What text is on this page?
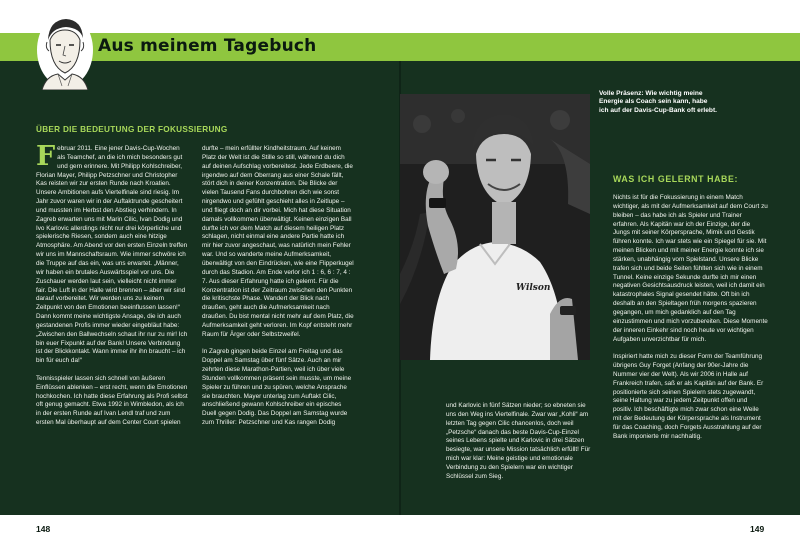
Aus meinem Tagebuch
ÜBER DIE BEDEUTUNG DER FOKUSSIERUNG

Februar 2011. Eine jener Davis-Cup-Wochen als Teamchef, an die ich mich besonders gut und gern erinnere. Mit Philipp Kohlschreiber, Florian Mayer, Philipp Petzschner und Christopher Kas reisten wir zur ersten Runde nach Kroatien. Unsere Ambitionen aufs Viertelfinale sind riesig. Im Jahr zuvor waren wir in der Auftaktrunde gescheitert und mussten im Herbst den Abstieg verhindern. In Zagreb erwarten uns mit Marin Cilic, Ivan Dodig und Ivo Karlovic allerdings nicht nur drei körperliche und spielerische Riesen, sondern auch eine hitzige Atmosphäre. Am Abend vor den ersten Einzeln treffen wir uns im Mannschaftsraum. Wie immer schwöre ich die Truppe auf das ein, was uns erwartet. „Männer, wir haben ein brutales Auswärtsspiel vor uns. Die Zuschauer werden laut sein, vielleicht nicht immer fair. Die Luft in der Halle wird brennen – aber wir sind darauf vorbereitet. Wir werden uns zu keinem Zeitpunkt von den Emotionen beeinflussen lassen!“ Dann kommt meine wichtigste Ansage, die ich auch gestandenen Profis immer wieder eingebläut habe: „Zwischen den Ballwechseln schaut ihr nur zu mir! Ich bin euer Fixpunkt auf der Bank! Unsere Verbindung ist der Blickkontakt. Wann immer ihr ihn braucht – ich bin für euch da!“

Tennisspieler lassen sich schnell von äußeren Einflüssen ablenken – erst recht, wenn die Emotionen hochkochen. Ich hatte diese Erfahrung als Profi selbst oft genug gemacht. Etwa 1992 in Wimbledon, als ich in der ersten Runde auf Ivan Lendl traf und zum ersten Mal überhaupt auf dem Center Court spielen

durfte – mein erfüllter Kindheitstraum. Auf keinem Platz der Welt ist die Stille so still, während du dich auf deinen Aufschlag vorbereitest. Jede Erdbeere, die irgendwo auf dem Oberrang aus einer Schale fällt, stört dich in deiner Konzentration. Die Blicke der vielen Tausend Fans durchbohren dich wie sonst nirgendwo und gefühlt geschieht alles in Zeitlupe – und fliegt doch an dir vorbei. Mich hat diese Situation damals vollkommen überwältigt. Keinen einzigen Ball durfte ich vor dem Match auf diesem heiligen Platz schlagen, nicht einmal eine andere Partie hatte ich mir hier zuvor angeschaut, was natürlich mein Fehler war. Und so wanderte meine Aufmerksamkeit, überwältigt von den Eindrücken, wie eine Flipperkugel durch das Stadion. Am Ende verlor ich 1 : 6, 6 : 7, 4 : 7. Aus dieser Erfahrung hatte ich gelernt. Für die Konzentration ist der Zeitraum zwischen den Punkten die kritischste Phase. Wandert der Blick nach draußen, geht auch die Aufmerksamkeit nach draußen. Du bist mental nicht mehr auf dem Platz, die Aufmerksamkeit geht verloren. Im Kopf entsteht mehr Raum für Ärger oder Selbstzweifel.

In Zagreb gingen beide Einzel am Freitag und das Doppel am Samstag über fünf Sätze. Auch an mir zehrten diese Marathon-Partien, weil ich über viele Stunden vollkommen präsent sein musste, um meine Spieler zu führen und zu spüren, welche Ansprache sie brauchten. Mayer unterlag zum Auftakt Cilic, anschließend gewann Kohlschreiber ein episches Duell gegen Dodig. Das Doppel am Samstag wurde zum Thriller: Petzschner und Kas rangen Dodig

Wilson
Volle Präsenz: Wie wichtig meine Energie als Coach sein kann, habe ich auf der Davis-Cup-Bank oft erlebt.

und Karlovic in fünf Sätzen nieder; so ebneten sie uns den Weg ins Viertelfinale. Zwar war „Kohli“ am letzten Tag gegen Cilic chancenlos, doch weil „Petzsche“ danach das beste Davis-Cup-Einzel seines Lebens spielte und Karlovic in drei Sätzen besiegte, war unsere Mission tatsächlich erfüllt! Für mich war klar: Meine geistige und emotionale Verbindung zu den Spielern war ein wichtiger Schlüssel zum Sieg.

WAS ICH GELERNT HABE:

Nichts ist für die Fokussierung in einem Match wichtiger, als mit der Aufmerksamkeit auf dem Court zu bleiben – das habe ich als Spieler und Trainer erfahren. Als Kapitän war ich der Einzige, der die Jungs mit seiner Körpersprache, Mimik und Gestik führen konnte. Ich war stets wie ein Spiegel für sie. Mit meinen Blicken und mit meiner Energie konnte ich sie stärken, unabhängig vom Spielstand. Unsere Blicke trafen sich und beide Seiten fühlten sich wie in einem Tunnel. Keine einzige Sekunde durfte ich mir einen negativen Gesichtsausdruck leisten, weil ich damit ein katastrophales Signal gesendet hätte. Oft bin ich deshalb an den Spieltagen früh morgens spazieren gegangen, um mich gedanklich auf den Tag einzustimmen und mich vorzubereiten. Diese Momente der inneren Einkehr sind noch heute vor wichtigen Aufgaben unverzichtbar für mich.

Inspiriert hatte mich zu dieser Form der Teamführung übrigens Guy Forget (Anfang der 90er-Jahre die Nummer vier der Welt). Als wir 2006 in Halle auf Frankreich trafen, saß er als Kapitän auf der Bank. Er positionierte sich seinen Spielern stets zugewandt, seine Haltung war zu jedem Zeitpunkt offen und positiv. Ich beschäftigte mich zwar schon eine Weile mit der Bedeutung der Körpersprache als Instrument für das Coaching, doch Forgets Ausstrahlung auf der Bank imponierte mir nachhaltig.

148	149
